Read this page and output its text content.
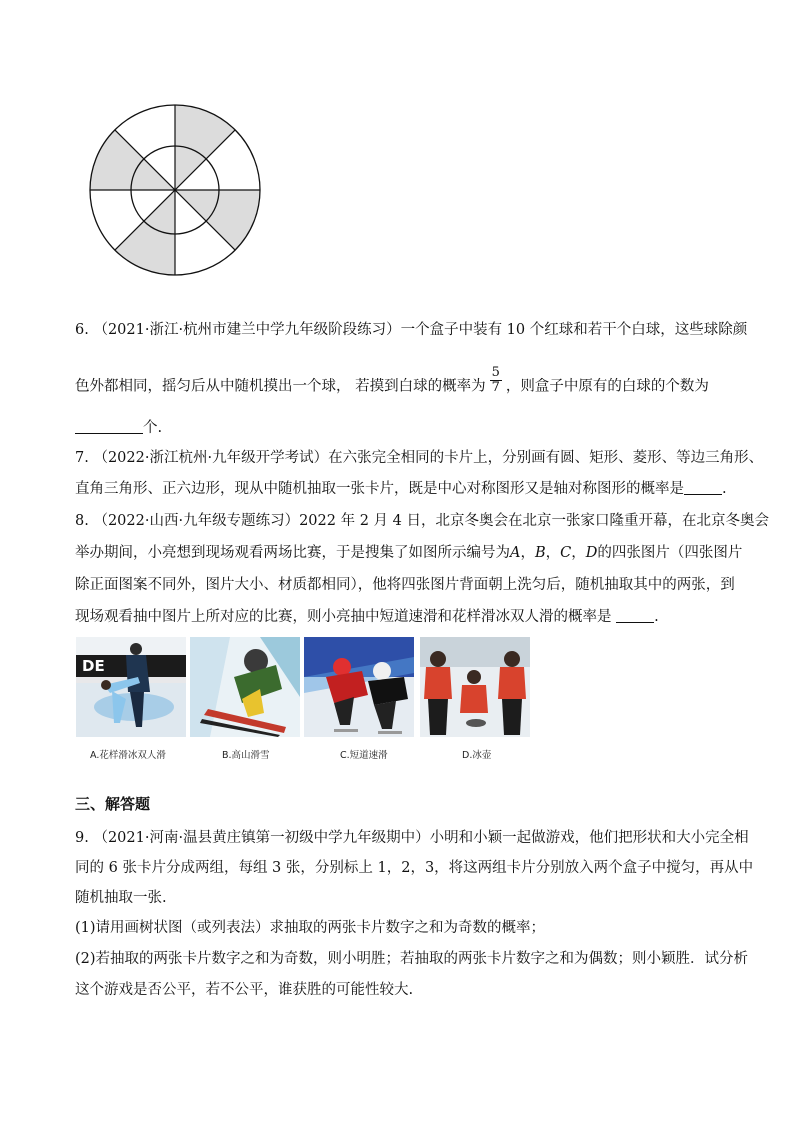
6. （2021·浙江·杭州市建兰中学九年级阶段练习）一个盒子中装有 10 个红球和若干个白球，这些球除颜
色外都相同，摇匀后从中随机摸出一个球， 若摸到白球的概率为 $\frac{5}{7}$ ，则盒子中原有的白球的个数为
个.
7. （2022·浙江杭州·九年级开学考试）在六张完全相同的卡片上，分别画有圆、矩形、菱形、等边三角形、
直角三角形、正六边形，现从中随机抽取一张卡片，既是中心对称图形又是轴对称图形的概率是	.
8. （2022·山西·九年级专题练习）2022 年 2 月 4 日，北京冬奥会在北京一张家口隆重开幕，在北京冬奥会
举办期间，小亮想到现场观看两场比赛，于是搜集了如图所示编号为A，B，C，D的四张图片（四张图片
除正面图案不同外，图片大小、材质都相同），他将四张图片背面朝上洗匀后，随机抽取其中的两张，到
现场观看抽中图片上所对应的比赛，则小亮抽中短道速滑和花样滑冰双人滑的概率是	.
DE
A.花样滑冰双人滑	B.高山滑雪	C.短道速滑	D.冰壶
三、解答题
9. （2021·河南·温县黄庄镇第一初级中学九年级期中）小明和小颖一起做游戏，他们把形状和大小完全相
同的 6 张卡片分成两组，每组 3 张，分别标上 1，2，3，将这两组卡片分别放入两个盒子中搅匀，再从中
随机抽取一张.
(1)请用画树状图（或列表法）求抽取的两张卡片数字之和为奇数的概率；
(2)若抽取的两张卡片数字之和为奇数，则小明胜；若抽取的两张卡片数字之和为偶数；则小颖胜．试分析
这个游戏是否公平，若不公平，谁获胜的可能性较大.
